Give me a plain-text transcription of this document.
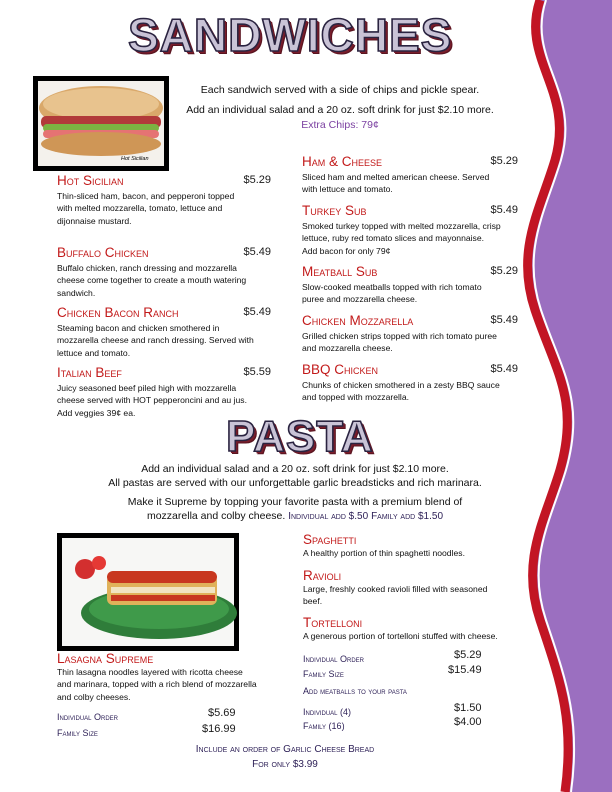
SANDWICHES
Hot Sicilian
Each sandwich served with a side of chips and pickle spear.
Add an individual salad and a 20 oz. soft drink for just $2.10 more.
Extra Chips: 79¢
Hot Sicilian	$5.29
Thin-sliced ham, bacon, and pepperoni topped
with melted mozzarella, tomato, lettuce and
dijonnaise mustard.
Buffalo Chicken	$5.49
Buffalo chicken, ranch dressing and mozzarella
cheese come together to create a mouth watering
sandwich.
Chicken Bacon Ranch	$5.49
Steaming bacon and chicken smothered in
mozzarella cheese and ranch dressing. Served with
lettuce and tomato.
Italian Beef	$5.59
Juicy seasoned beef piled high with mozzarella
cheese served with HOT pepperoncini and au jus.
Add veggies 39¢ ea.
Ham & Cheese	$5.29
Sliced ham and melted american cheese. Served
with lettuce and tomato.
Turkey Sub	$5.49
Smoked turkey topped with melted mozzarella, crisp
lettuce, ruby red tomato slices and mayonnaise.
Add bacon for only 79¢
Meatball Sub	$5.29
Slow-cooked meatballs topped with rich tomato
puree and mozzarella cheese.
Chicken Mozzarella	$5.49
Grilled chicken strips topped with rich tomato puree
and mozzarella cheese.
BBQ Chicken	$5.49
Chunks of chicken smothered in a zesty BBQ sauce
and topped with mozzarella.
PASTA
Add an individual salad and a 20 oz. soft drink for just $2.10 more.
All pastas are served with our unforgettable garlic breadsticks and rich marinara.
Make it Supreme by topping your favorite pasta with a premium blend of
mozzarella and colby cheese. Individual add $.50 Family add $1.50
Spaghetti
A healthy portion of thin spaghetti noodles.
Ravioli
Large, freshly cooked ravioli filled with seasoned
beef.
Tortelloni
A generous portion of tortelloni stuffed with cheese.
Individual Order	$5.29
Family Size	$15.49
Add meatballs to your pasta
Individual (4)	$1.50
Family (16)	$4.00
Lasagna Supreme
Thin lasagna noodles layered with ricotta cheese
and marinara, topped with a rich blend of mozzarella
and colby cheeses.
Individual Order	$5.69
Family Size	$16.99
Include an order of Garlic Cheese Bread
For only $3.99
